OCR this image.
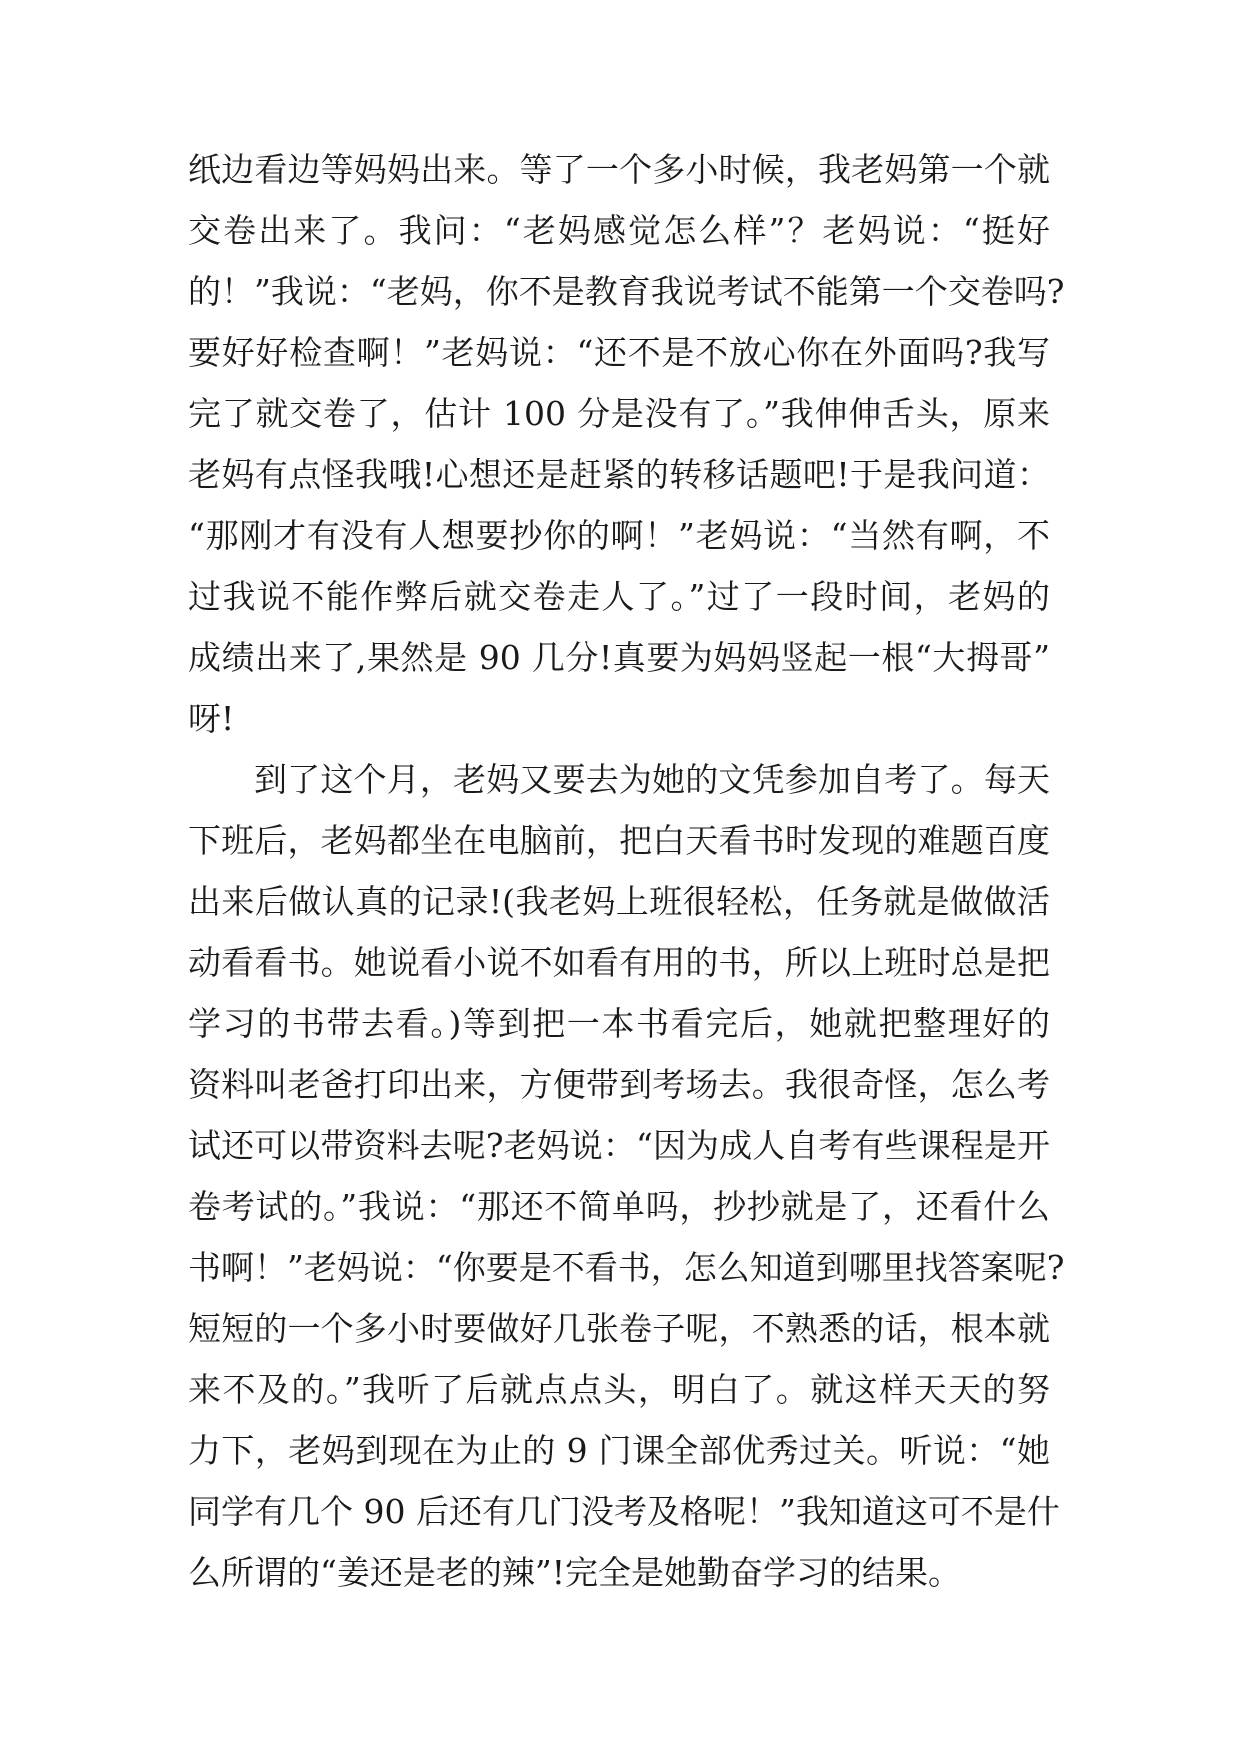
纸边看边等妈妈出来。等了一个多小时候，我老妈第一个就
交卷出来了。我问：“老妈感觉怎么样”？老妈说：“挺好
的！”我说：“老妈，你不是教育我说考试不能第一个交卷吗?
要好好检查啊！”老妈说：“还不是不放心你在外面吗?我写
完了就交卷了，估计 100 分是没有了。”我伸伸舌头，原来
老妈有点怪我哦!心想还是赶紧的转移话题吧!于是我问道：
“那刚才有没有人想要抄你的啊！”老妈说：“当然有啊，不
过我说不能作弊后就交卷走人了。”过了一段时间，老妈的
成绩出来了,果然是 90 几分!真要为妈妈竖起一根“大拇哥”
呀!
到了这个月，老妈又要去为她的文凭参加自考了。每天
下班后，老妈都坐在电脑前，把白天看书时发现的难题百度
出来后做认真的记录!(我老妈上班很轻松，任务就是做做活
动看看书。她说看小说不如看有用的书，所以上班时总是把
学习的书带去看。)等到把一本书看完后，她就把整理好的
资料叫老爸打印出来，方便带到考场去。我很奇怪，怎么考
试还可以带资料去呢?老妈说：“因为成人自考有些课程是开
卷考试的。”我说：“那还不简单吗，抄抄就是了，还看什么
书啊！”老妈说：“你要是不看书，怎么知道到哪里找答案呢?
短短的一个多小时要做好几张卷子呢，不熟悉的话，根本就
来不及的。”我听了后就点点头，明白了。就这样天天的努
力下，老妈到现在为止的 9 门课全部优秀过关。听说：“她
同学有几个 90 后还有几门没考及格呢！”我知道这可不是什
么所谓的“姜还是老的辣”!完全是她勤奋学习的结果。
